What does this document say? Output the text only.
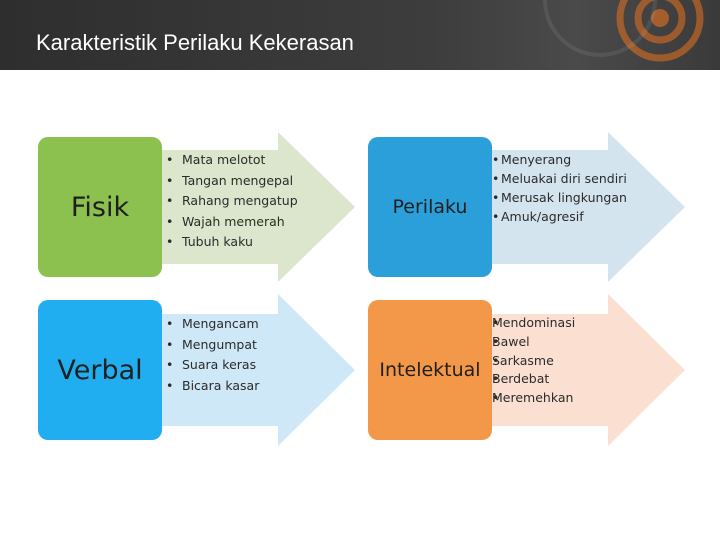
Karakteristik Perilaku Kekerasan
Fisik
• Mata melotot
• Tangan mengepal
• Rahang mengatup
• Wajah memerah
• Tubuh kaku
Verbal
• Mengancam
• Mengumpat
• Suara keras
• Bicara kasar
Perilaku
• Menyerang
• Meluakai diri sendiri
• Merusak lingkungan
• Amuk/agresif
Intelektual
• Mendominasi
• Bawel
• Sarkasme
• Berdebat
• Meremehkan
